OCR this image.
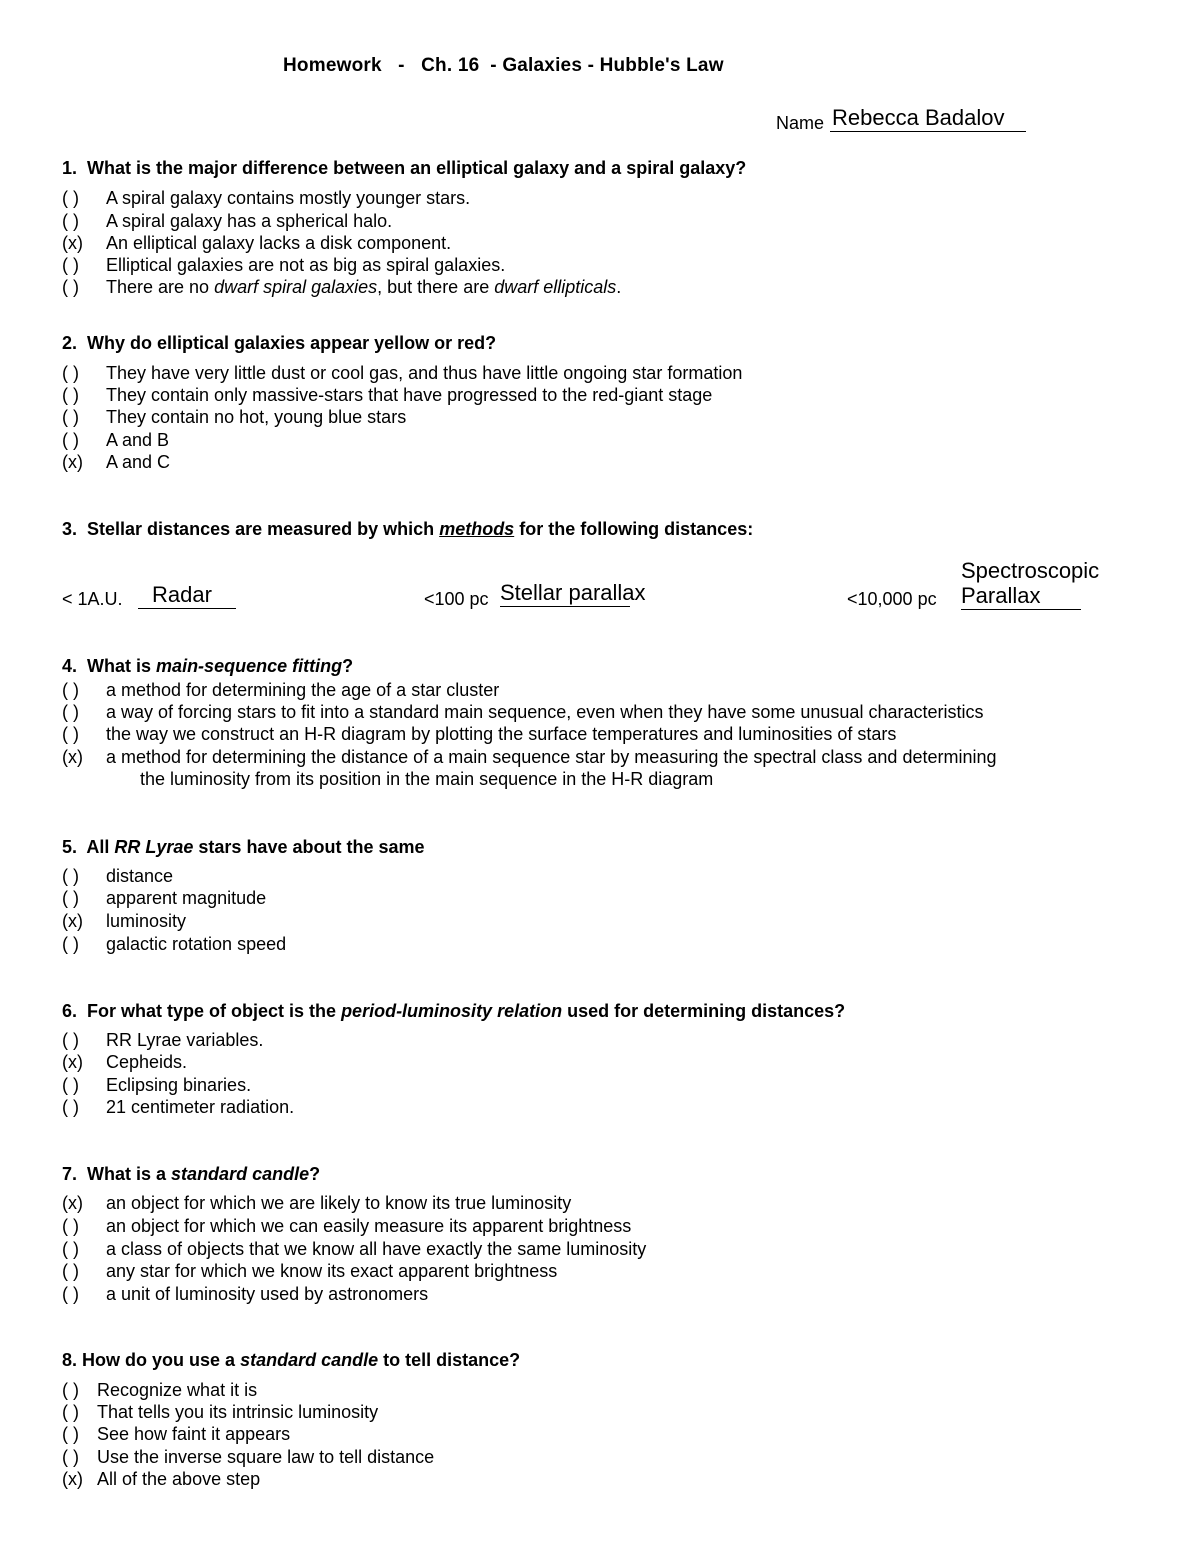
Homework   -   Ch. 16  - Galaxies - Hubble's Law
Name Rebecca Badalov
1. What is the major difference between an elliptical galaxy and a spiral galaxy?
( ) A spiral galaxy contains mostly younger stars.
( ) A spiral galaxy has a spherical halo.
(x) An elliptical galaxy lacks a disk component.
( ) Elliptical galaxies are not as big as spiral galaxies.
( ) There are no dwarf spiral galaxies, but there are dwarf ellipticals.
2. Why do elliptical galaxies appear yellow or red?
( ) They have very little dust or cool gas, and thus have little ongoing star formation
( ) They contain only massive-stars that have progressed to the red-giant stage
( ) They contain no hot, young blue stars
( ) A and B
(x) A and C
3. Stellar distances are measured by which methods for the following distances:
< 1A.U.	Radar	<100 pc Stellar parallax	<10,000 pc
Spectroscopic
Parallax
4. What is main-sequence fitting?
( ) a method for determining the age of a star cluster
( ) a way of forcing stars to fit into a standard main sequence, even when they have some unusual characteristics
( ) the way we construct an H-R diagram by plotting the surface temperatures and luminosities of stars
(x) a method for determining the distance of a main sequence star by measuring the spectral class and determining
the luminosity from its position in the main sequence in the H-R diagram
5. All RR Lyrae stars have about the same
( ) distance
( ) apparent magnitude
(x) luminosity
( ) galactic rotation speed
6. For what type of object is the period-luminosity relation used for determining distances?
( ) RR Lyrae variables.
(x) Cepheids.
( ) Eclipsing binaries.
( ) 21 centimeter radiation.
7. What is a standard candle?
(x) an object for which we are likely to know its true luminosity
( ) an object for which we can easily measure its apparent brightness
( ) a class of objects that we know all have exactly the same luminosity
( ) any star for which we know its exact apparent brightness
( ) a unit of luminosity used by astronomers
8. How do you use a standard candle to tell distance?
( ) Recognize what it is
( ) That tells you its intrinsic luminosity
( ) See how faint it appears
( ) Use the inverse square law to tell distance
(x) All of the above step
